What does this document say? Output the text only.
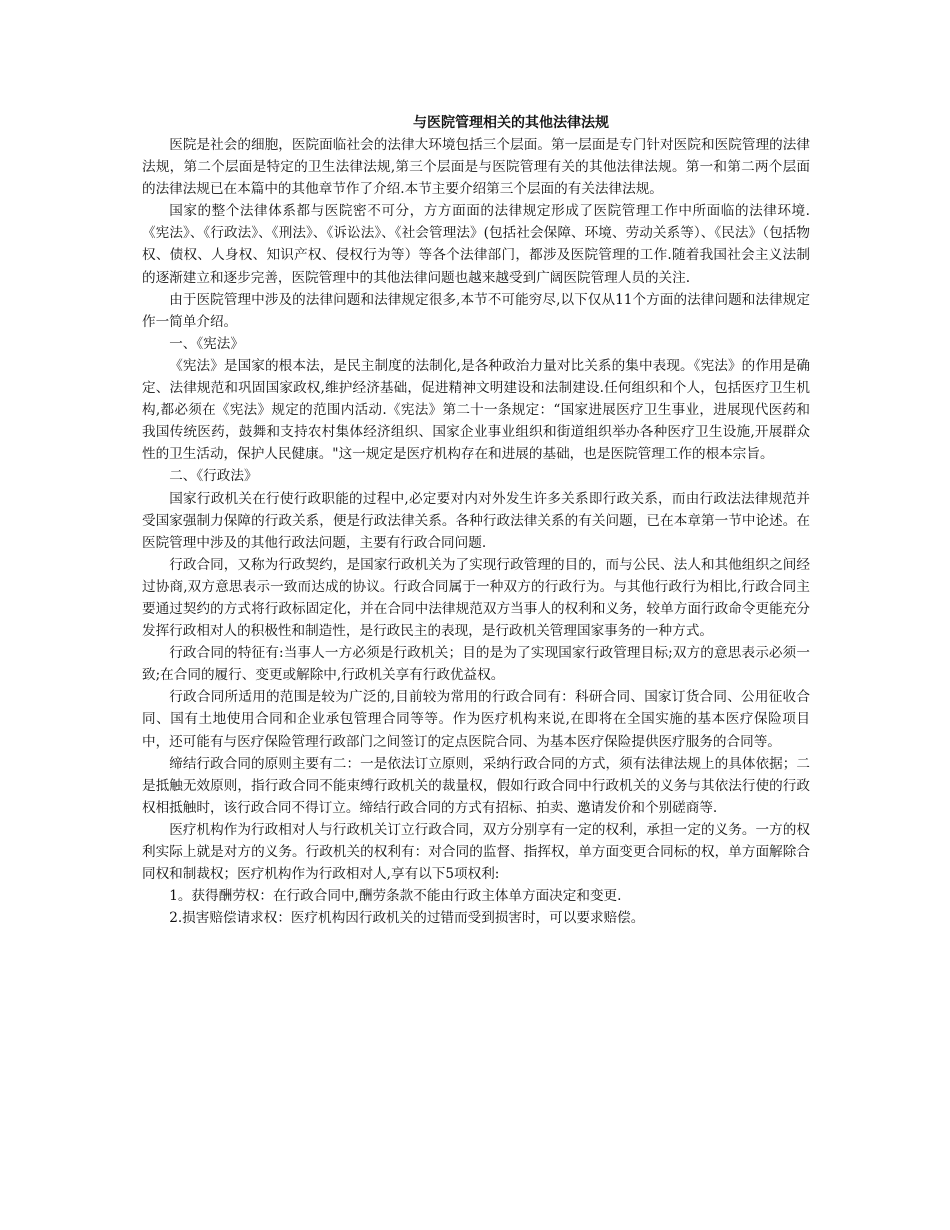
与医院管理相关的其他法律法规

医院是社会的细胞，医院面临社会的法律大环境包括三个层面。第一层面是专门针对医院和医院管理的法律法规，第二个层面是特定的卫生法律法规,第三个层面是与医院管理有关的其他法律法规。第一和第二两个层面的法律法规已在本篇中的其他章节作了介绍.本节主要介绍第三个层面的有关法律法规。

国家的整个法律体系都与医院密不可分，方方面面的法律规定形成了医院管理工作中所面临的法律环境.《宪法》、《行政法》、《刑法》、《诉讼法》、《社会管理法》(包括社会保障、环境、劳动关系等）、《民法》（包括物权、债权、人身权、知识产权、侵权行为等）等各个法律部门，都涉及医院管理的工作.随着我国社会主义法制的逐渐建立和逐步完善，医院管理中的其他法律问题也越来越受到广阔医院管理人员的关注.

由于医院管理中涉及的法律问题和法律规定很多,本节不可能穷尽,以下仅从11个方面的法律问题和法律规定作一简单介绍。

一、《宪法》

《宪法》是国家的根本法，是民主制度的法制化,是各种政治力量对比关系的集中表现。《宪法》的作用是确定、法律规范和巩固国家政权,维护经济基础，促进精神文明建设和法制建设.任何组织和个人，包括医疗卫生机构,都必须在《宪法》规定的范围内活动.《宪法》第二十一条规定：“国家进展医疗卫生事业，进展现代医药和我国传统医药，鼓舞和支持农村集体经济组织、国家企业事业组织和街道组织举办各种医疗卫生设施,开展群众性的卫生活动，保护人民健康。"这一规定是医疗机构存在和进展的基础，也是医院管理工作的根本宗旨。

二、《行政法》

国家行政机关在行使行政职能的过程中,必定要对内对外发生许多关系即行政关系，而由行政法法律规范并受国家强制力保障的行政关系，便是行政法律关系。各种行政法律关系的有关问题，已在本章第一节中论述。在医院管理中涉及的其他行政法问题，主要有行政合同问题.

行政合同，又称为行政契约，是国家行政机关为了实现行政管理的目的，而与公民、法人和其他组织之间经过协商,双方意思表示一致而达成的协议。行政合同属于一种双方的行政行为。与其他行政行为相比,行政合同主要通过契约的方式将行政标固定化，并在合同中法律规范双方当事人的权利和义务，较单方面行政命令更能充分发挥行政相对人的积极性和制造性，是行政民主的表现，是行政机关管理国家事务的一种方式。

行政合同的特征有:当事人一方必须是行政机关；目的是为了实现国家行政管理目标;双方的意思表示必须一致;在合同的履行、变更或解除中,行政机关享有行政优益权。

行政合同所适用的范围是较为广泛的,目前较为常用的行政合同有：科研合同、国家订货合同、公用征收合同、国有土地使用合同和企业承包管理合同等等。作为医疗机构来说,在即将在全国实施的基本医疗保险项目中，还可能有与医疗保险管理行政部门之间签订的定点医院合同、为基本医疗保险提供医疗服务的合同等。

缔结行政合同的原则主要有二：一是依法订立原则，采纳行政合同的方式，须有法律法规上的具体依据；二是抵触无效原则，指行政合同不能束缚行政机关的裁量权，假如行政合同中行政机关的义务与其依法行使的行政权相抵触时，该行政合同不得订立。缔结行政合同的方式有招标、拍卖、邀请发价和个别磋商等.

医疗机构作为行政相对人与行政机关订立行政合同，双方分别享有一定的权利，承担一定的义务。一方的权利实际上就是对方的义务。行政机关的权利有：对合同的监督、指挥权，单方面变更合同标的权，单方面解除合同权和制裁权；医疗机构作为行政相对人,享有以下5项权利:

1。获得酬劳权：在行政合同中,酬劳条款不能由行政主体单方面决定和变更.

2.损害赔偿请求权：医疗机构因行政机关的过错而受到损害时，可以要求赔偿。
